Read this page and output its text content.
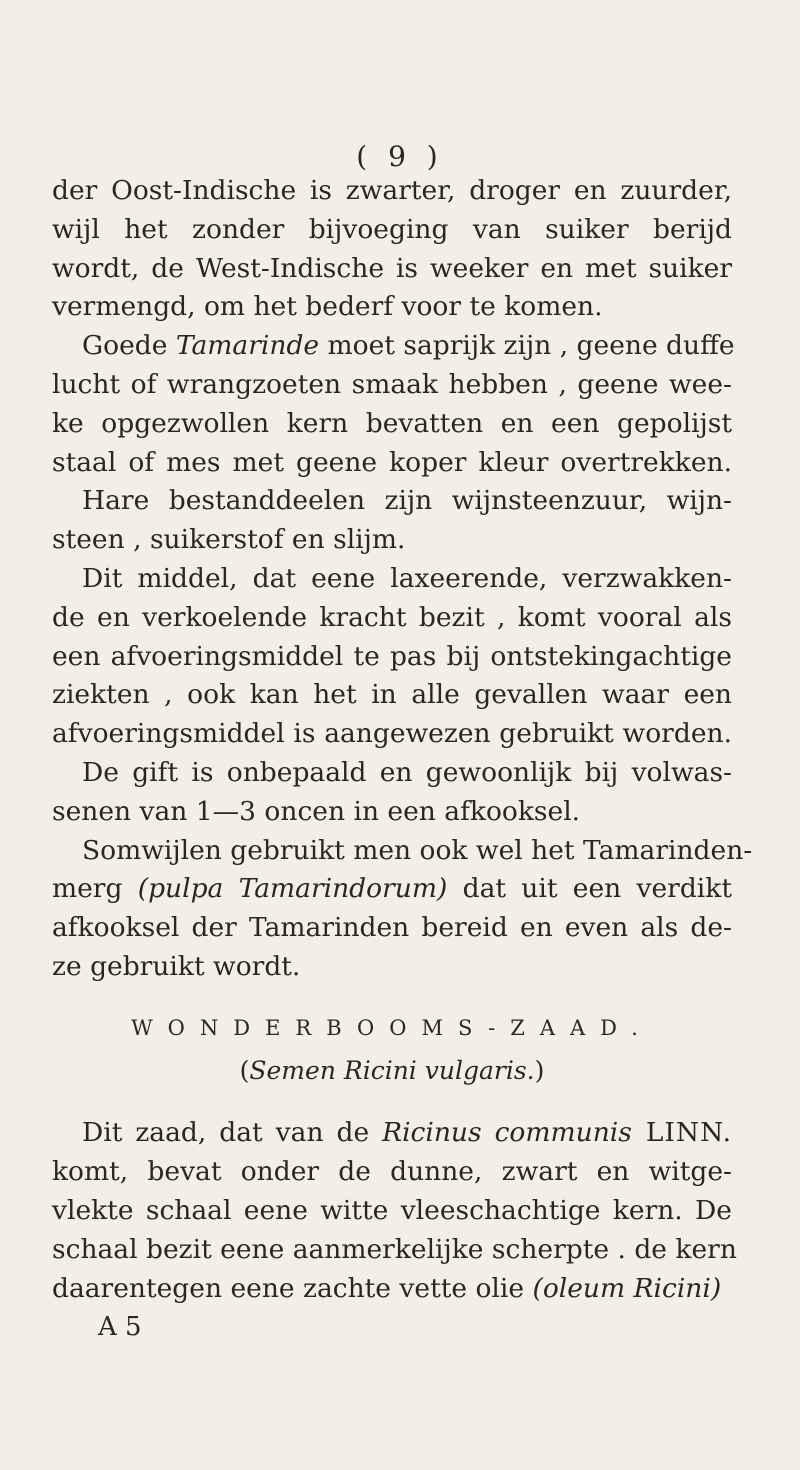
( 9 )
der Oost-Indische is zwarter, droger en zuurder,
wijl het zonder bijvoeging van suiker berijd
wordt, de West-Indische is weeker en met suiker
vermengd, om het bederf voor te komen.
Goede Tamarinde moet saprijk zijn , geene duffe
lucht of wrangzoeten smaak hebben , geene wee-
ke opgezwollen kern bevatten en een gepolijst
staal of mes met geene koper kleur overtrekken.
Hare bestanddeelen zijn wijnsteenzuur, wijn-
steen , suikerstof en slijm.
Dit middel, dat eene laxeerende, verzwakken-
de en verkoelende kracht bezit , komt vooral als
een afvoeringsmiddel te pas bij ontstekingachtige
ziekten , ook kan het in alle gevallen waar een
afvoeringsmiddel is aangewezen gebruikt worden.
De gift is onbepaald en gewoonlijk bij volwas-
senen van 1—3 oncen in een afkooksel.
Somwijlen gebruikt men ook wel het Tamarinden-
merg (pulpa Tamarindorum) dat uit een verdikt
afkooksel der Tamarinden bereid en even als de-
ze gebruikt wordt.
WONDERBOOMS-ZAAD.
(Semen Ricini vulgaris.)
Dit zaad, dat van de Ricinus communis LINN.
komt, bevat onder de dunne, zwart en witge-
vlekte schaal eene witte vleeschachtige kern. De
schaal bezit eene aanmerkelijke scherpte . de kern
daarentegen eene zachte vette olie (oleum Ricini)
A 5
